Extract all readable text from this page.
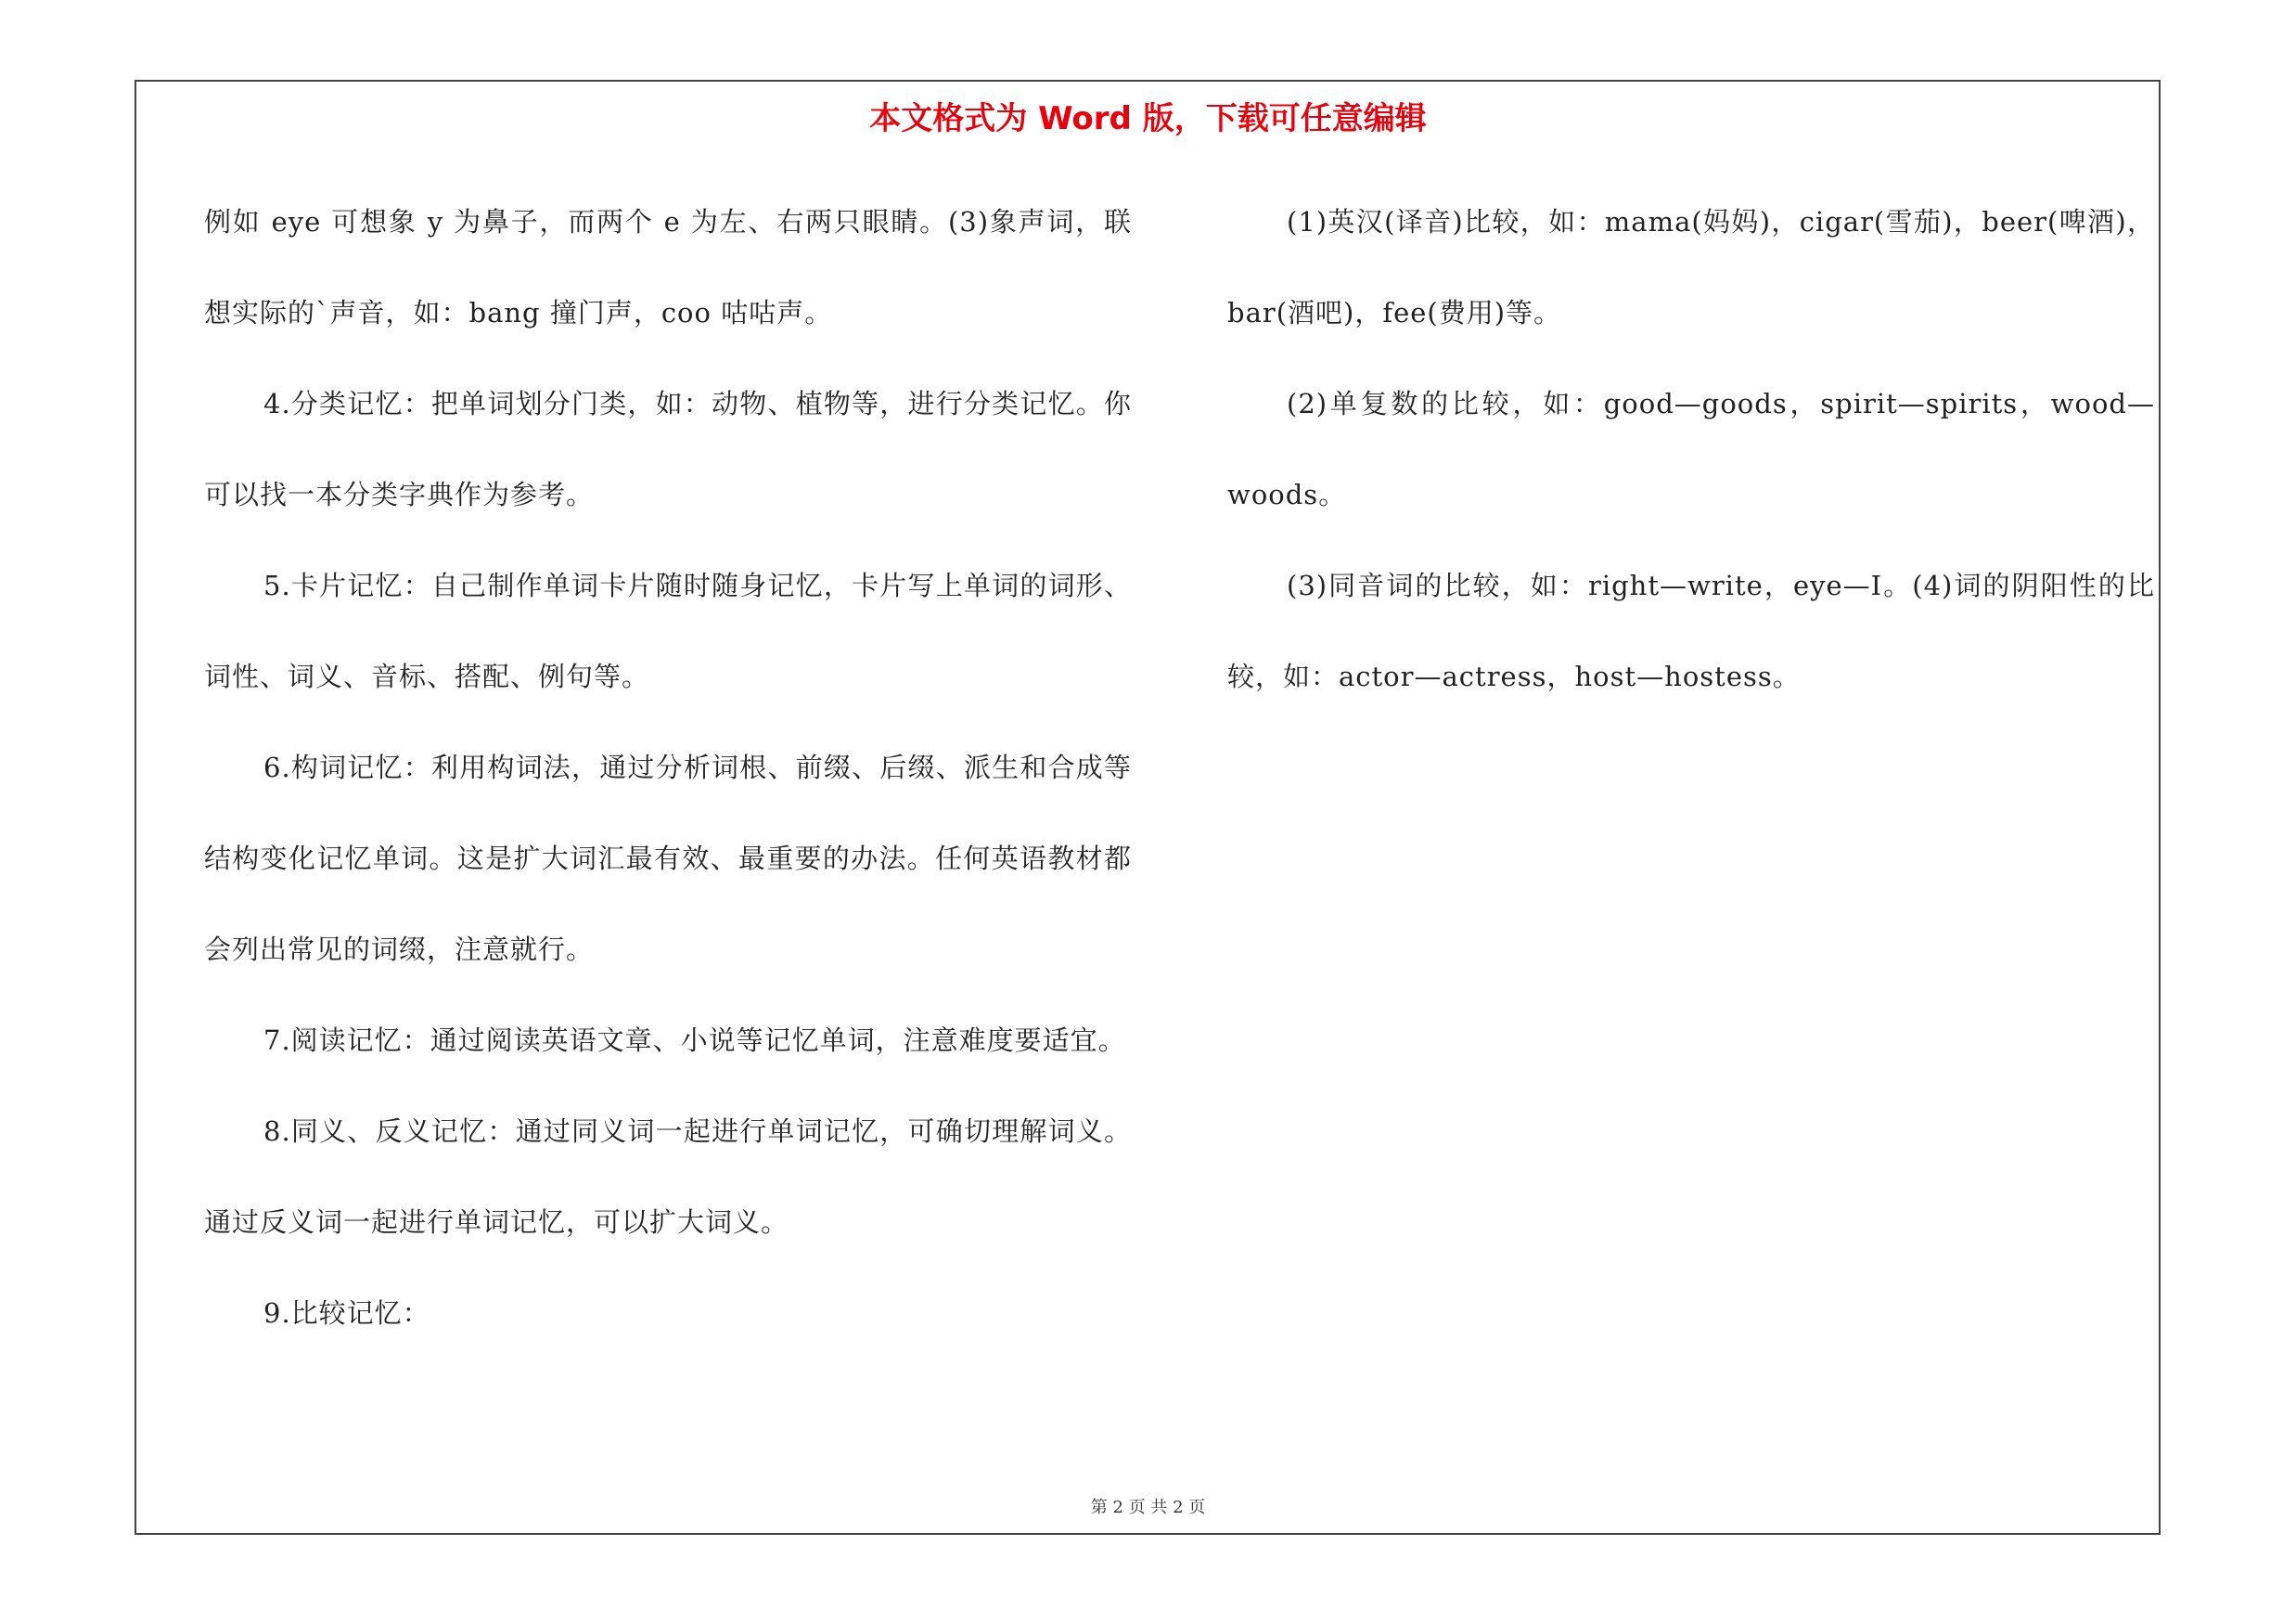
本文格式为 Word 版，下载可任意编辑

例如 eye 可想象 y 为鼻子，而两个 e 为左、右两只眼睛。(3)象声词，联想实际的`声音，如：bang 撞门声，coo 咕咕声。

4.分类记忆：把单词划分门类，如：动物、植物等，进行分类记忆。你可以找一本分类字典作为参考。

5.卡片记忆：自己制作单词卡片随时随身记忆，卡片写上单词的词形、词性、词义、音标、搭配、例句等。

6.构词记忆：利用构词法，通过分析词根、前缀、后缀、派生和合成等结构变化记忆单词。这是扩大词汇最有效、最重要的办法。任何英语教材都会列出常见的词缀，注意就行。

7.阅读记忆：通过阅读英语文章、小说等记忆单词，注意难度要适宜。

8.同义、反义记忆：通过同义词一起进行单词记忆，可确切理解词义。通过反义词一起进行单词记忆，可以扩大词义。

9.比较记忆：

(1)英汉(译音)比较，如：mama(妈妈)，cigar(雪茄)，beer(啤酒)，bar(酒吧)，fee(费用)等。

(2)单复数的比较，如：good—goods，spirit—spirits，wood—woods。

(3)同音词的比较，如：right—write，eye—I。(4)词的阴阳性的比较，如：actor—actress，host—hostess。

第 2 页 共 2 页
